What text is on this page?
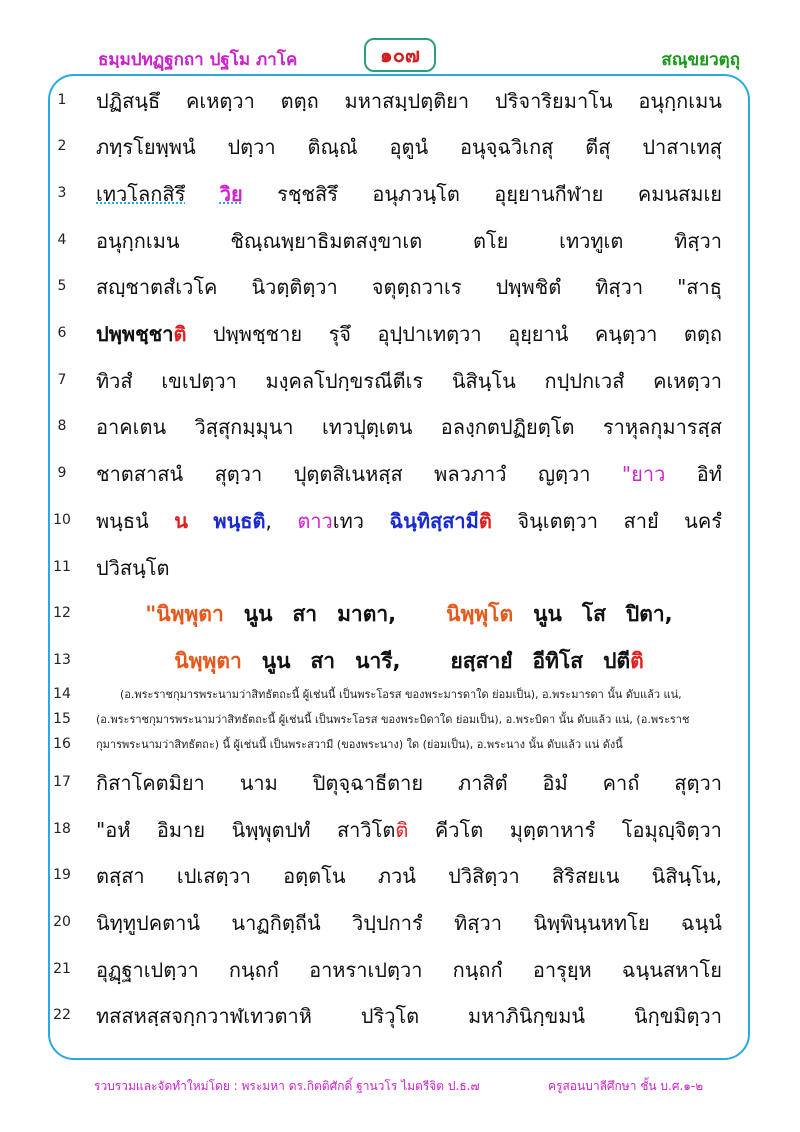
ธมฺมปทฏฺฐกถา ปฐโม ภาโค	๑๐๗	สณฺขยวตฺถุ
1	ปฏิสนฺธึ คเหตฺวา ตตฺถ มหาสมฺปตฺติยา ปริจาริยมาโน อนุกฺกเมน
2	ภทฺรโยพฺพนํ ปตฺวา ติณฺณํ อุตูนํ อนุจฺฉวิเกสุ ตีสุ ปาสาเทสุ
3	เทวโลกสิรึ วิย รชฺชสิรึ อนุภวนฺโต อุยฺยานกีฬาย คมนสมเย
4	อนุกฺกเมน	ชิณฺณพฺยาธิมตสงฺขาเต	ตโย	เทวทูเต	ทิสฺวา
5	สญฺชาตสํเวโค นิวตฺติตฺวา จตุตฺถวาเร ปพฺพชิตํ ทิสฺวา "สาธุ
6	ปพฺพชฺชาติ ปพฺพชฺชาย รุจึ อุปฺปาเทตฺวา อุยฺยานํ คนฺตฺวา ตตฺถ
7	ทิวสํ เขเปตฺวา มงฺคลโปกฺขรณีตีเร นิสินฺโน กปฺปกเวสํ คเหตฺวา
8	อาคเตน วิสฺสุกมฺมุนา เทวปุตฺเตน อลงฺกตปฏิยตฺโต ราหุลกุมารสฺส
9	ชาตสาสนํ สุตฺวา ปุตฺตสิเนหสฺส พลวภาวํ ญตฺวา "ยาว อิทํ
10	พนฺธนํ น พนฺธติ, ตาวเทว ฉินฺทิสฺสามีติ จินฺเตตฺวา สายํ นครํ
11	ปวิสนฺโต
12	"นิพฺพุตา นูน สา มาตา, นิพฺพุโต นูน โส ปิตา,
13	นิพฺพุตา นูน สา นารี, ยสฺสายํ อีทิโส ปตีติ
14	(อ.พระราชกุมารพระนามว่าสิทธัตถะนี้ ผู้เช่นนี้ เป็นพระโอรส ของพระมารดาใด ย่อมเป็น), อ.พระมารดา นั้น ดับแล้ว แน่,
15	(อ.พระราชกุมารพระนามว่าสิทธัตถะนี้ ผู้เช่นนี้ เป็นพระโอรส ของพระบิดาใด ย่อมเป็น), อ.พระบิดา นั้น ดับแล้ว แน่, (อ.พระราช
16	กุมารพระนามว่าสิทธัตถะ) นี้ ผู้เช่นนี้ เป็นพระสวามี (ของพระนาง) ใด (ย่อมเป็น), อ.พระนาง นั้น ดับแล้ว แน่ ดังนี้
17	กิสาโคตมิยา นาม ปิตุจฺฉาธีตาย ภาสิตํ อิมํ คาถํ สุตฺวา
18	"อหํ อิมาย นิพฺพุตปทํ สาวิโตติ คีวโต มุตฺตาหารํ โอมุญฺจิตฺวา
19	ตสฺสา เปเสตฺวา อตฺตโน ภวนํ ปวิสิตฺวา สิริสยเน นิสินฺโน,
20	นิทฺทูปคตานํ นาฏกิตฺถีนํ วิปฺปการํ ทิสฺวา นิพฺพินฺนหทโย ฉนฺนํ
21	อุฏฺฐาเปตฺวา กนฺถกํ อาหราเปตฺวา กนฺถกํ อารุยฺห ฉนฺนสหาโย
22	ทสสหสฺสจกฺกวาฬเทวตาหิ ปริวุโต มหาภินิกฺขมนํ นิกฺขมิตฺวา
รวบรวมและจัดทำใหม่โดย : พระมหา ดร.กิตติศักดิ์ ฐานวโร ไมตรีจิต ป.ธ.๗	ครูสอนบาลีศึกษา ชั้น บ.ศ.๑-๒
